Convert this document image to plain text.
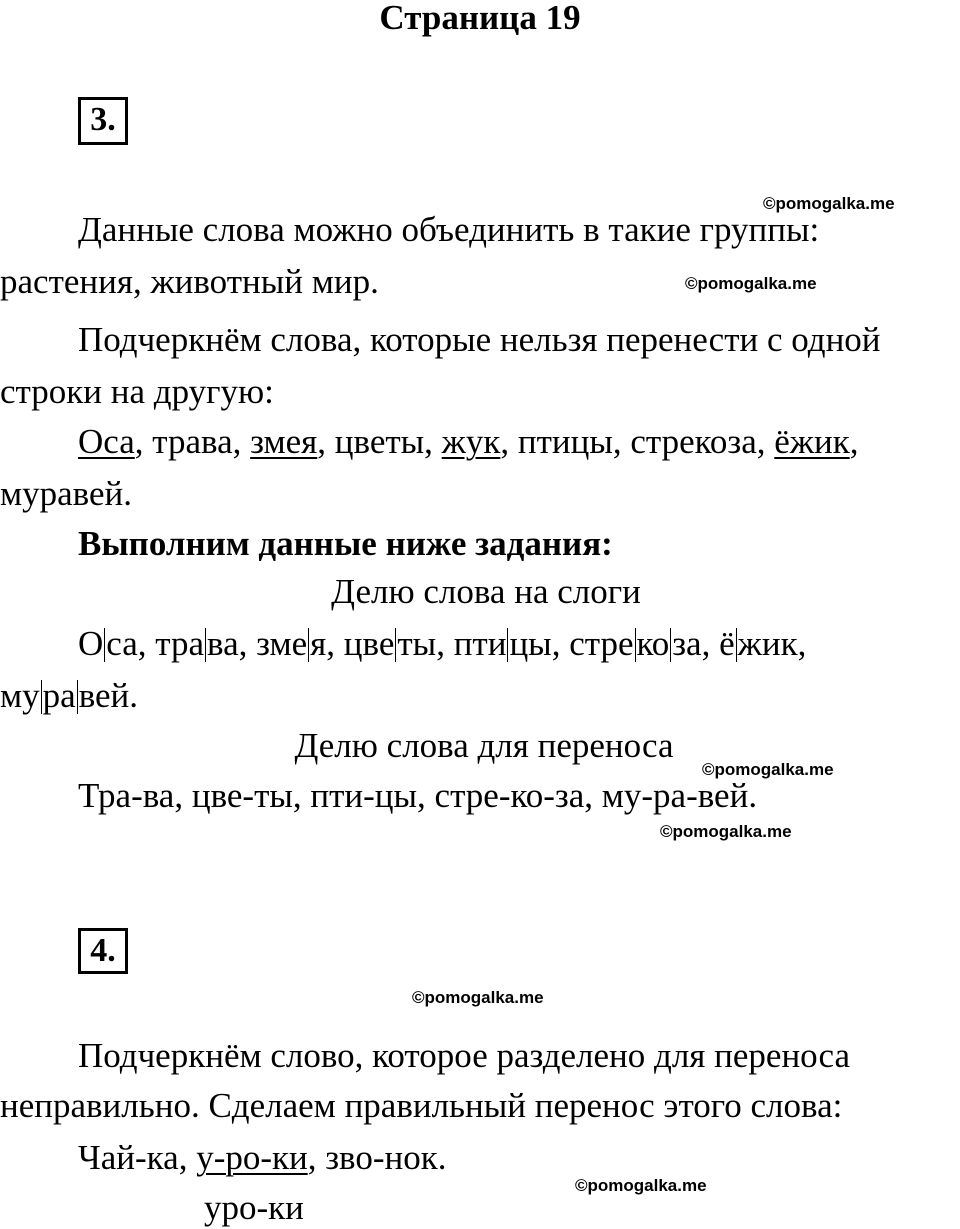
Страница 19
3.
©pomogalka.me
Данные слова можно объединить в такие группы:
растения, животный мир.	©pomogalka.me
Подчеркнём слова, которые нельзя перенести с одной
строки на другую:
Оса, трава, змея, цветы, жук, птицы, стрекоза, ёжик,
муравей.
Выполним данные ниже задания:
Делю слова на слоги
Оса, трава, змея, цветы, птицы, стрекоза, ёжик,
муравей.
Делю слова для переноса
©pomogalka.me
Тра-ва, цве-ты, пти-цы, стре-ко-за, му-ра-вей.
©pomogalka.me
4.
©pomogalka.me
Подчеркнём слово, которое разделено для переноса
неправильно. Сделаем правильный перенос этого слова:
Чай-ка, у-ро-ки, зво-нок.
©pomogalka.me
уро-ки
